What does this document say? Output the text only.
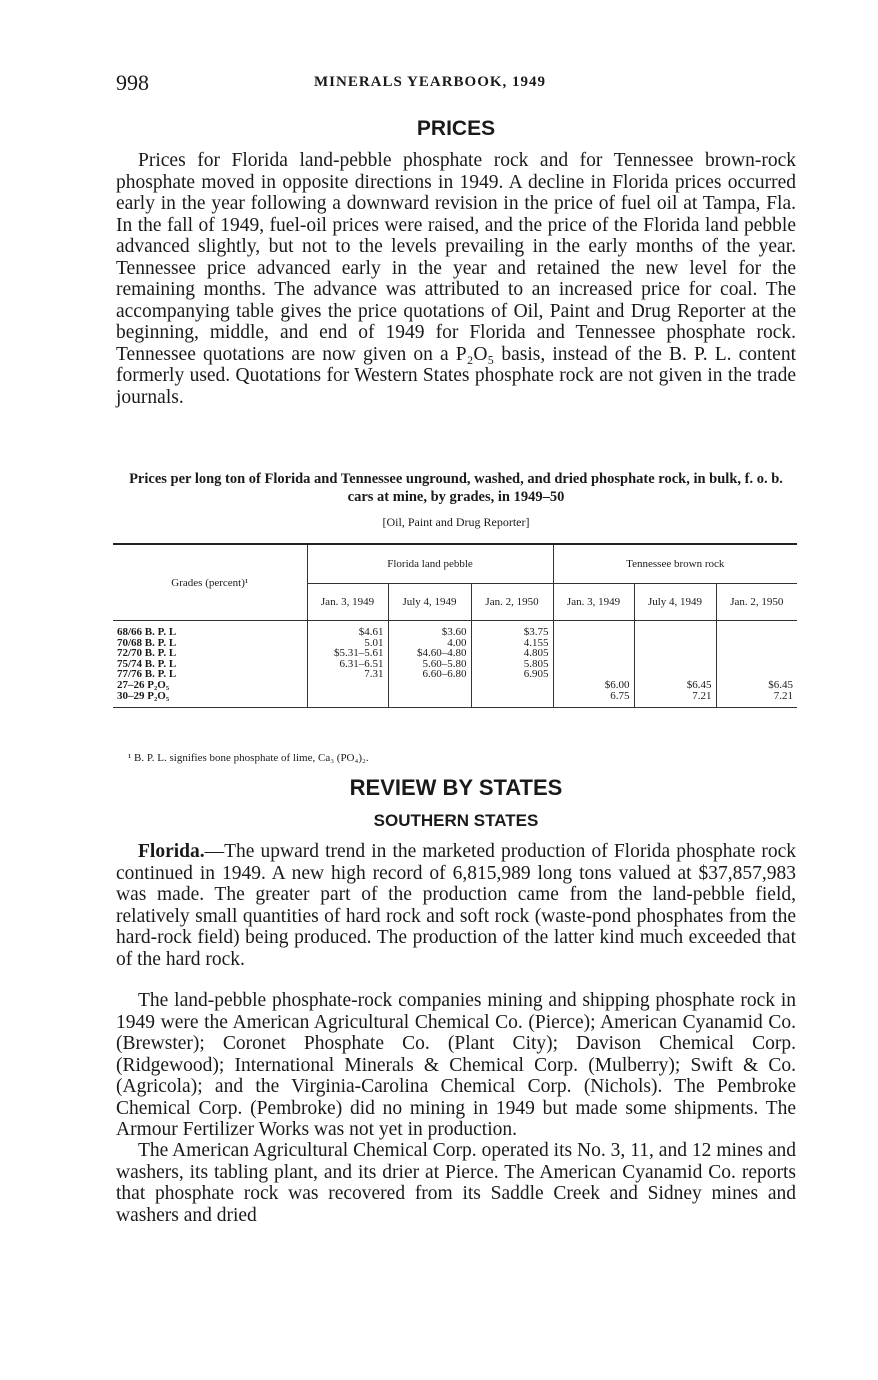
998	MINERALS YEARBOOK, 1949
PRICES

Prices for Florida land-pebble phosphate rock and for Tennessee brown-rock phosphate moved in opposite directions in 1949. A decline in Florida prices occurred early in the year following a downward revision in the price of fuel oil at Tampa, Fla. In the fall of 1949, fuel-oil prices were raised, and the price of the Florida land pebble advanced slightly, but not to the levels prevailing in the early months of the year. Tennessee price advanced early in the year and retained the new level for the remaining months. The advance was attributed to an increased price for coal. The accompanying table gives the price quotations of Oil, Paint and Drug Reporter at the beginning, middle, and end of 1949 for Florida and Tennessee phosphate rock. Tennessee quotations are now given on a P₂O₅ basis, instead of the B. P. L. content formerly used. Quotations for Western States phosphate rock are not given in the trade journals.

Prices per long ton of Florida and Tennessee unground, washed, and dried phosphate rock, in bulk, f. o. b. cars at mine, by grades, in 1949–50

[Oil, Paint and Drug Reporter]
Grades (percent)¹	Florida land pebble			Tennessee brown rock		
	Jan. 3, 1949	July 4, 1949	Jan. 2, 1950	Jan. 3, 1949	July 4, 1949	Jan. 2, 1950
68/66 B. P. L	$4.61	$3.60	$3.75			
70/68 B. P. L	5.01	4.00	4.155			
72/70 B. P. L	$5.31–5.61	$4.60–4.80	4.805			
75/74 B. P. L	6.31–6.51	5.60–5.80	5.805			
77/76 B. P. L	7.31	6.60–6.80	6.905			
27–26 P₂O₅				$6.00	$6.45	$6.45
30–29 P₂O₅				6.75	7.21	7.21
¹ B. P. L. signifies bone phosphate of lime, Ca₃ (PO₄)₂.
REVIEW BY STATES
SOUTHERN STATES

Florida.—The upward trend in the marketed production of Florida phosphate rock continued in 1949. A new high record of 6,815,989 long tons valued at $37,857,983 was made. The greater part of the production came from the land-pebble field, relatively small quantities of hard rock and soft rock (waste-pond phosphates from the hard-rock field) being produced. The production of the latter kind much exceeded that of the hard rock.

The land-pebble phosphate-rock companies mining and shipping phosphate rock in 1949 were the American Agricultural Chemical Co. (Pierce); American Cyanamid Co. (Brewster); Coronet Phosphate Co. (Plant City); Davison Chemical Corp. (Ridgewood); International Minerals & Chemical Corp. (Mulberry); Swift & Co. (Agricola); and the Virginia-Carolina Chemical Corp. (Nichols). The Pembroke Chemical Corp. (Pembroke) did no mining in 1949 but made some shipments. The Armour Fertilizer Works was not yet in production.

The American Agricultural Chemical Corp. operated its No. 3, 11, and 12 mines and washers, its tabling plant, and its drier at Pierce. The American Cyanamid Co. reports that phosphate rock was recovered from its Saddle Creek and Sidney mines and washers and dried
